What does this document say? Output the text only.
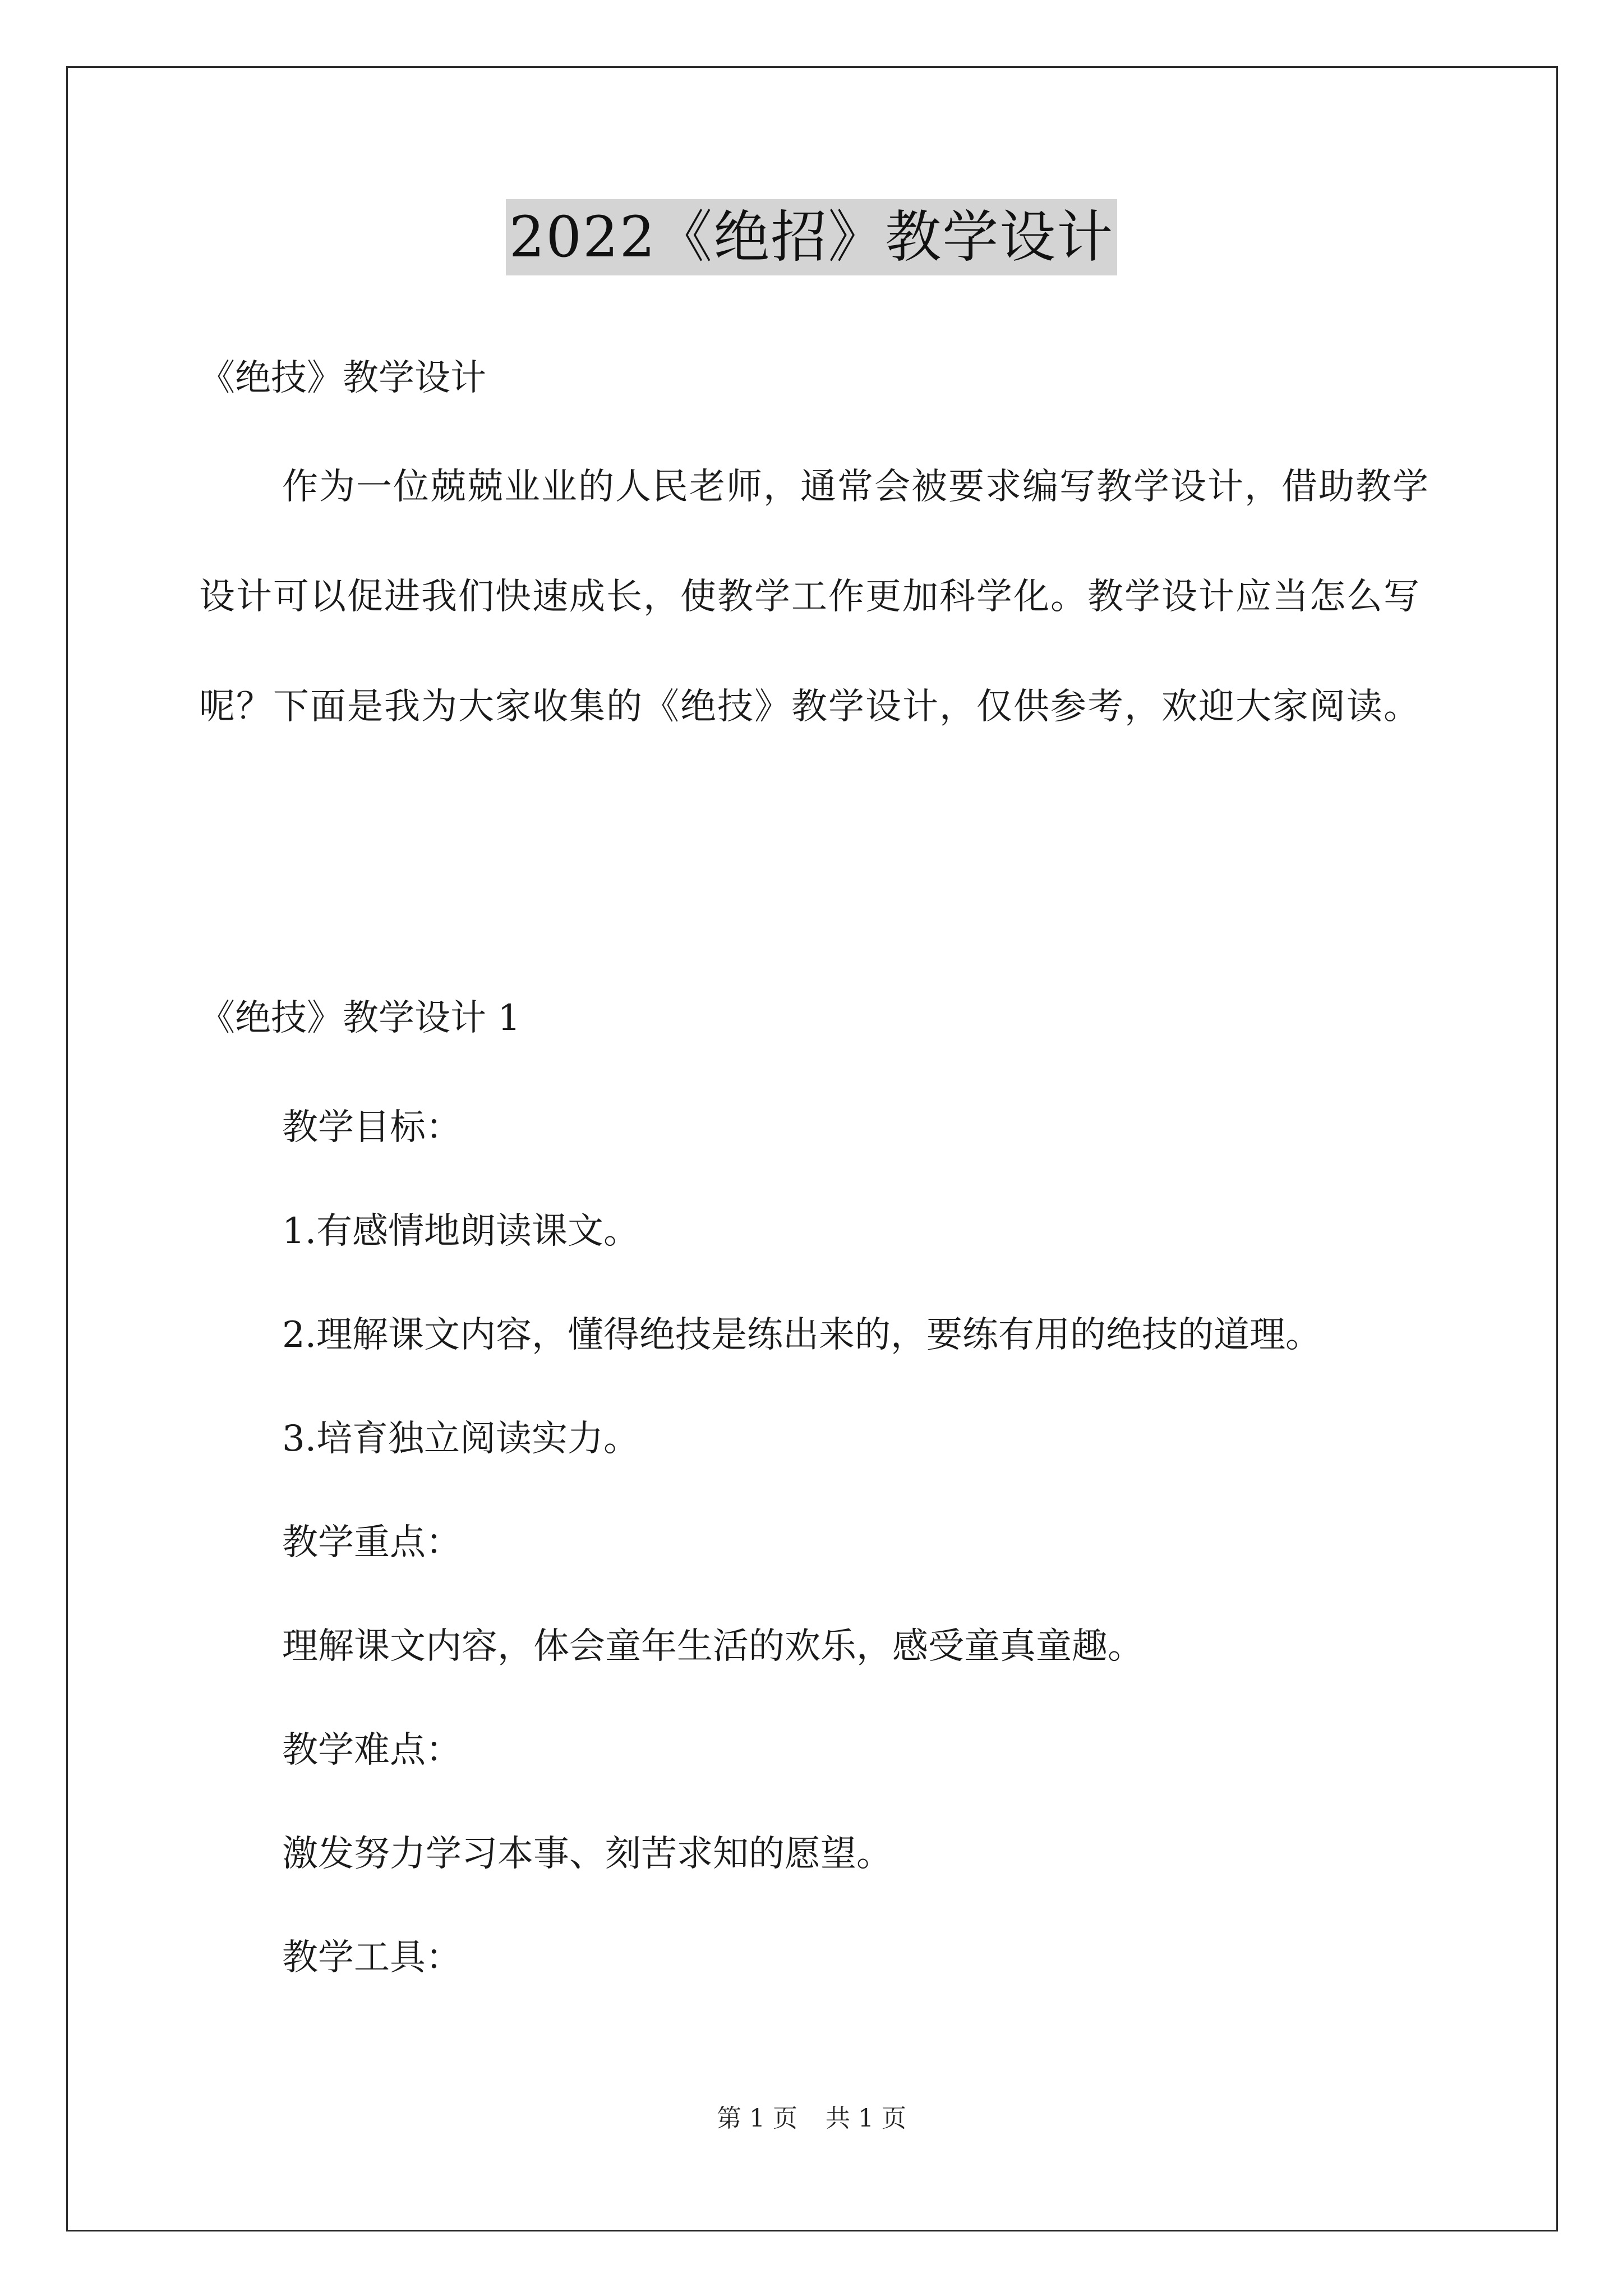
2022《绝招》教学设计
《绝技》教学设计
作为一位兢兢业业的人民老师，通常会被要求编写教学设计，借助教学设计可以促进我们快速成长，使教学工作更加科学化。教学设计应当怎么写呢？下面是我为大家收集的《绝技》教学设计，仅供参考，欢迎大家阅读。
《绝技》教学设计 1
教学目标：
1.有感情地朗读课文。
2.理解课文内容，懂得绝技是练出来的，要练有用的绝技的道理。
3.培育独立阅读实力。
教学重点：
理解课文内容，体会童年生活的欢乐，感受童真童趣。
教学难点：
激发努力学习本事、刻苦求知的愿望。
教学工具：
第 1 页 共 1 页
